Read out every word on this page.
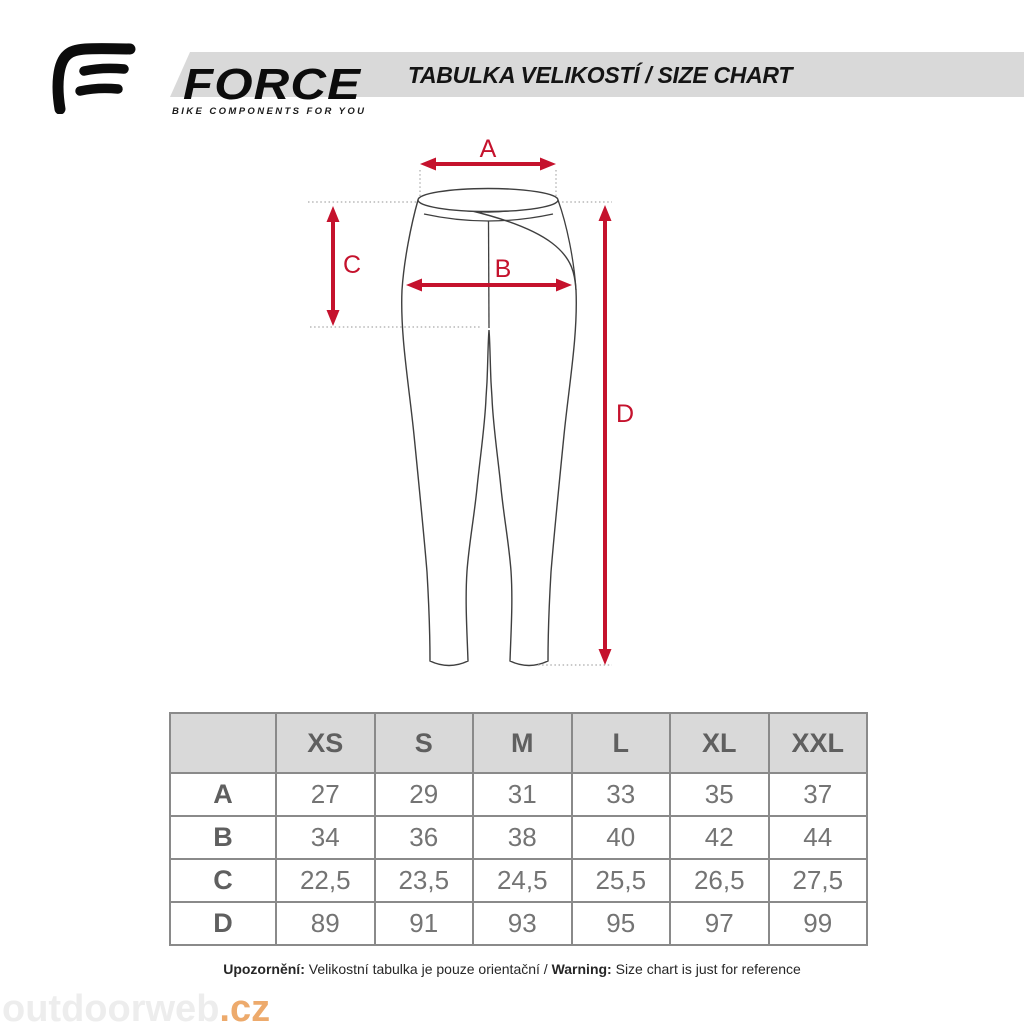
FORCE
BIKE COMPONENTS FOR YOU
TABULKA VELIKOSTÍ / SIZE CHART
A
B
C
D
	XS	S	M	L	XL	XXL
A	27	29	31	33	35	37
B	34	36	38	40	42	44
C	22,5	23,5	24,5	25,5	26,5	27,5
D	89	91	93	95	97	99
Upozornění: Velikostní tabulka je pouze orientační / Warning: Size chart is just for reference
outdoorweb.cz
